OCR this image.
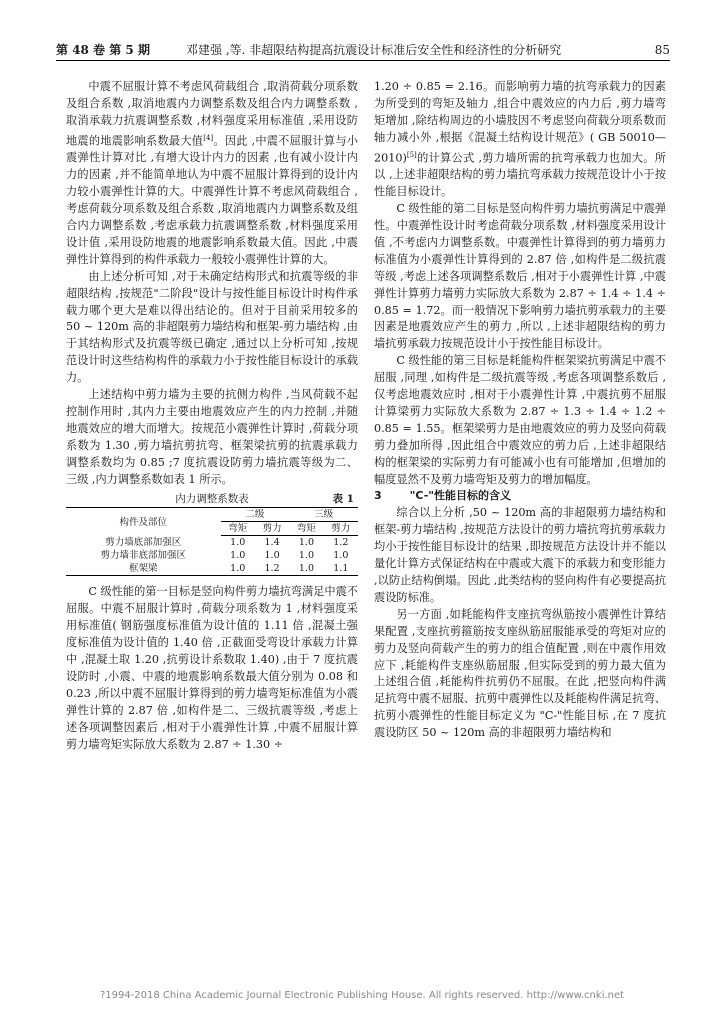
第 48 卷 第 5 期	邓建强 ,等. 非超限结构提高抗震设计标准后安全性和经济性的分析研究	85

中震不屈服计算不考虑风荷载组合 ,取消荷载分项系数及组合系数 ,取消地震内力调整系数及组合内力调整系数 ,取消承载力抗震调整系数 ,材料强度采用标准值 ,采用设防地震的地震影响系数最大值[4]。因此 ,中震不屈服计算与小震弹性计算对比 ,有增大设计内力的因素 ,也有减小设计内力的因素 ,并不能简单地认为中震不屈服计算得到的设计内力较小震弹性计算的大。中震弹性计算不考虑风荷载组合 ,考虑荷载分项系数及组合系数 ,取消地震内力调整系数及组合内力调整系数 ,考虑承载力抗震调整系数 ,材料强度采用设计值 ,采用设防地震的地震影响系数最大值。因此 ,中震弹性计算得到的构件承载力一般较小震弹性计算的大。

由上述分析可知 ,对于未确定结构形式和抗震等级的非超限结构 ,按规范"二阶段"设计与按性能目标设计时构件承载力哪个更大是难以得出结论的。但对于目前采用较多的 50 ~ 120m 高的非超限剪力墙结构和框架-剪力墙结构 ,由于其结构形式及抗震等级已确定 ,通过以上分析可知 ,按规范设计时这些结构构件的承载力小于按性能目标设计的承载力。

上述结构中剪力墙为主要的抗侧力构件 ,当风荷载不起控制作用时 ,其内力主要由地震效应产生的内力控制 ,并随地震效应的增大而增大。按规范小震弹性计算时 ,荷载分项系数为 1.30 ,剪力墙抗剪抗弯、框架梁抗剪的抗震承载力调整系数均为 0.85 ;7 度抗震设防剪力墙抗震等级为二、三级 ,内力调整系数如表 1 所示。

内力调整系数表	表 1
构件及部位	二级		三级	
	弯矩	剪力	弯矩	剪力
剪力墙底部加强区	1.0	1.4	1.0	1.2
剪力墙非底部加强区	1.0	1.0	1.0	1.0
框架梁	1.0	1.2	1.0	1.1

C 级性能的第一目标是竖向构件剪力墙抗弯满足中震不屈服。中震不屈服计算时 ,荷载分项系数为 1 ,材料强度采用标准值( 钢筋强度标准值为设计值的 1.11 倍 ,混凝土强度标准值为设计值的 1.40 倍 ,正截面受弯设计承载力计算中 ,混凝土取 1.20 ,抗剪设计系数取 1.40) ,由于 7 度抗震设防时 ,小震、中震的地震影响系数最大值分别为 0.08 和 0.23 ,所以中震不屈服计算得到的剪力墙弯矩标准值为小震弹性计算的 2.87 倍 ,如构件是二、三级抗震等级 ,考虑上述各项调整因素后 ,相对于小震弹性计算 ,中震不屈服计算剪力墙弯矩实际放大系数为 2.87 ÷ 1.30 ÷

1.20 ÷ 0.85 = 2.16。而影响剪力墙的抗弯承载力的因素为所受到的弯矩及轴力 ,组合中震效应的内力后 ,剪力墙弯矩增加 ,除结构周边的小墙肢因不考虑竖向荷载分项系数而轴力减小外 ,根据《混凝土结构设计规范》( GB 50010—2010)[5]的计算公式 ,剪力墙所需的抗弯承载力也加大。所以 ,上述非超限结构的剪力墙抗弯承载力按规范设计小于按性能目标设计。

C 级性能的第二目标是竖向构件剪力墙抗剪满足中震弹性。中震弹性设计时考虑荷载分项系数 ,材料强度采用设计值 ,不考虑内力调整系数。中震弹性计算得到的剪力墙剪力标准值为小震弹性计算得到的 2.87 倍 ,如构件是二级抗震等级 ,考虑上述各项调整系数后 ,相对于小震弹性计算 ,中震弹性计算剪力墙剪力实际放大系数为 2.87 ÷ 1.4 ÷ 1.4 ÷ 0.85 = 1.72。而一般情况下影响剪力墙抗剪承载力的主要因素是地震效应产生的剪力 ,所以 ,上述非超限结构的剪力墙抗剪承载力按规范设计小于按性能目标设计。

C 级性能的第三目标是耗能构件框架梁抗剪满足中震不屈服 ,同理 ,如构件是二级抗震等级 ,考虑各项调整系数后 ,仅考虑地震效应时 ,相对于小震弹性计算 ,中震抗剪不屈服计算梁剪力实际放大系数为 2.87 ÷ 1.3 ÷ 1.4 ÷ 1.2 ÷ 0.85 = 1.55。框架梁剪力是由地震效应的剪力及竖向荷载剪力叠加所得 ,因此组合中震效应的剪力后 ,上述非超限结构的框架梁的实际剪力有可能减小也有可能增加 ,但增加的幅度显然不及剪力墙弯矩及剪力的增加幅度。

3	"C-"性能目标的含义

综合以上分析 ,50 ~ 120m 高的非超限剪力墙结构和框架-剪力墙结构 ,按规范方法设计的剪力墙抗弯抗剪承载力均小于按性能目标设计的结果 ,即按规范方法设计并不能以量化计算方式保证结构在中震或大震下的承载力和变形能力 ,以防止结构倒塌。因此 ,此类结构的竖向构件有必要提高抗震设防标准。

另一方面 ,如耗能构件支座抗弯纵筋按小震弹性计算结果配置 ,支座抗剪箍筋按支座纵筋屈服能承受的弯矩对应的剪力及竖向荷载产生的剪力的组合值配置 ,则在中震作用效应下 ,耗能构件支座纵筋屈服 ,但实际受到的剪力最大值为上述组合值 ,耗能构件抗剪仍不屈服。在此 ,把竖向构件满足抗弯中震不屈服、抗剪中震弹性以及耗能构件满足抗弯、抗剪小震弹性的性能目标定义为 "C-"性能目标 ,在 7 度抗震设防区 50 ~ 120m 高的非超限剪力墙结构和

?1994-2018 China Academic Journal Electronic Publishing House. All rights reserved. http://www.cnki.net
